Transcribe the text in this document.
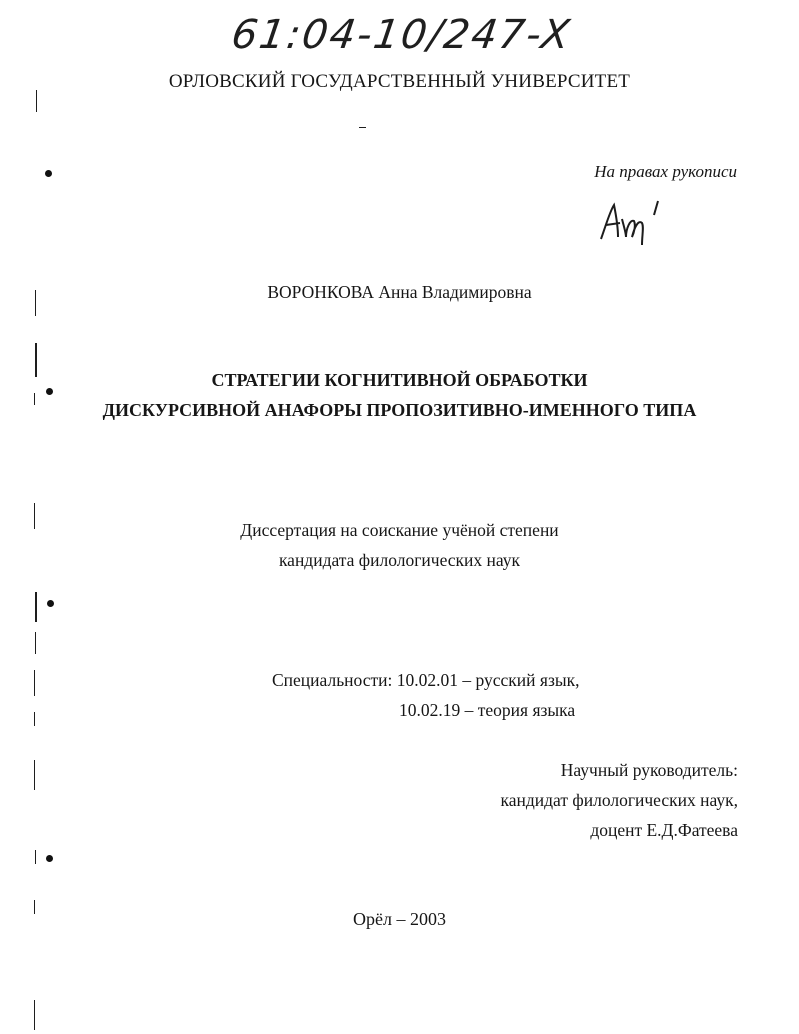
61:04-10/247-X

ОРЛОВСКИЙ ГОСУДАРСТВЕННЫЙ УНИВЕРСИТЕТ

На правах рукописи

ВОРОНКОВА Анна Владимировна

СТРАТЕГИИ КОГНИТИВНОЙ ОБРАБОТКИ

ДИСКУРСИВНОЙ АНАФОРЫ ПРОПОЗИТИВНО-ИМЕННОГО ТИПА

Диссертация на соискание учёной степени

кандидата филологических наук

Специальности: 10.02.01 – русский язык,

10.02.19 – теория языка

Научный руководитель:

кандидат филологических наук,

доцент Е.Д.Фатеева

Орёл – 2003
